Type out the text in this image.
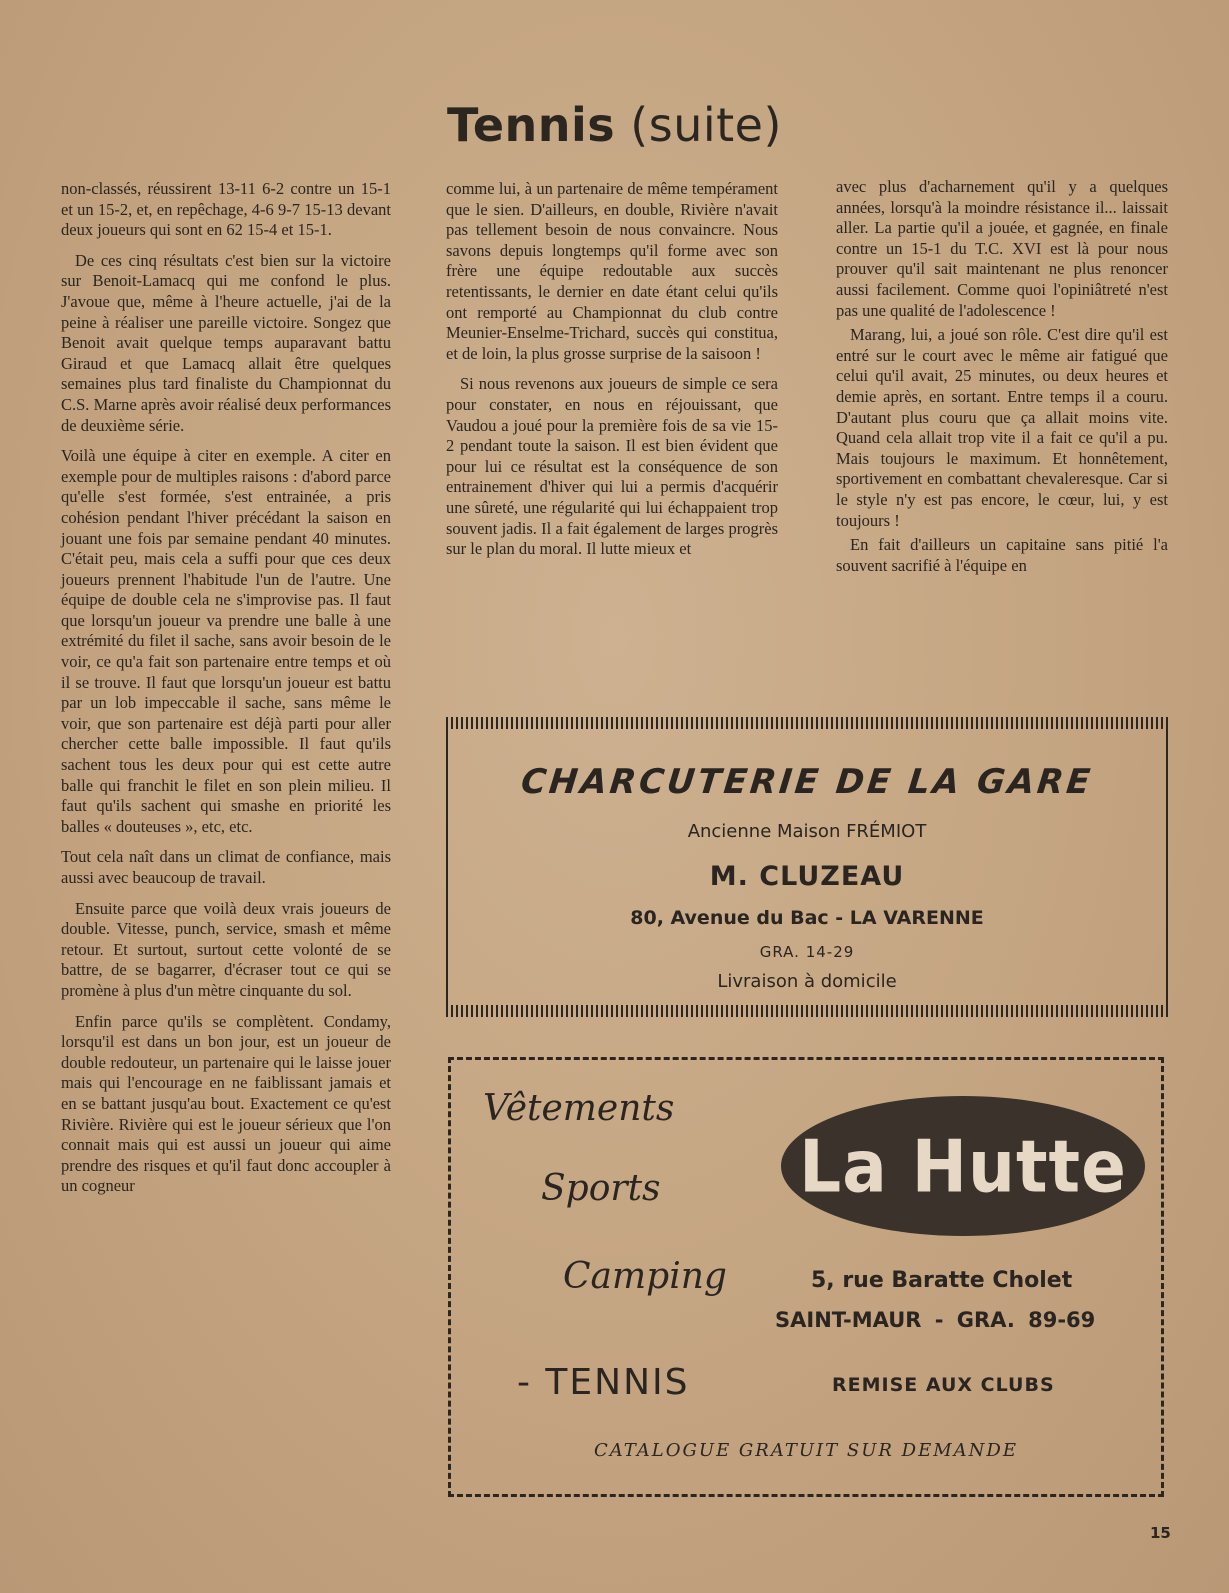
Tennis (suite)

non-classés, réussirent 13-11 6-2 contre un 15-1 et un 15-2, et, en repêchage, 4-6 9-7 15-13 devant deux joueurs qui sont en 62 15-4 et 15-1.

De ces cinq résultats c'est bien sur la victoire sur Benoit-Lamacq qui me confond le plus. J'avoue que, même à l'heure actuelle, j'ai de la peine à réaliser une pareille victoire. Songez que Benoit avait quelque temps auparavant battu Giraud et que Lamacq allait être quelques semaines plus tard finaliste du Championnat du C.S. Marne après avoir réalisé deux performances de deuxième série.

Voilà une équipe à citer en exemple. A citer en exemple pour de multiples raisons : d'abord parce qu'elle s'est formée, s'est entrainée, a pris cohésion pendant l'hiver précédant la saison en jouant une fois par semaine pendant 40 minutes. C'était peu, mais cela a suffi pour que ces deux joueurs prennent l'habitude l'un de l'autre. Une équipe de double cela ne s'improvise pas. Il faut que lorsqu'un joueur va prendre une balle à une extrémité du filet il sache, sans avoir besoin de le voir, ce qu'a fait son partenaire entre temps et où il se trouve. Il faut que lorsqu'un joueur est battu par un lob impeccable il sache, sans même le voir, que son partenaire est déjà parti pour aller chercher cette balle impossible. Il faut qu'ils sachent tous les deux pour qui est cette autre balle qui franchit le filet en son plein milieu. Il faut qu'ils sachent qui smashe en priorité les balles « douteuses », etc, etc.

Tout cela naît dans un climat de confiance, mais aussi avec beaucoup de travail.

Ensuite parce que voilà deux vrais joueurs de double. Vitesse, punch, service, smash et même retour. Et surtout, surtout cette volonté de se battre, de se bagarrer, d'écraser tout ce qui se promène à plus d'un mètre cinquante du sol.

Enfin parce qu'ils se complètent. Condamy, lorsqu'il est dans un bon jour, est un joueur de double redouteur, un partenaire qui le laisse jouer mais qui l'encourage en ne faiblissant jamais et en se battant jusqu'au bout. Exactement ce qu'est Rivière. Rivière qui est le joueur sérieux que l'on connait mais qui est aussi un joueur qui aime prendre des risques et qu'il faut donc accoupler à un cogneur

comme lui, à un partenaire de même tempérament que le sien. D'ailleurs, en double, Rivière n'avait pas tellement besoin de nous convaincre. Nous savons depuis longtemps qu'il forme avec son frère une équipe redoutable aux succès retentissants, le dernier en date étant celui qu'ils ont remporté au Championnat du club contre Meunier-Enselme-Trichard, succès qui constitua, et de loin, la plus grosse surprise de la saisoon !

Si nous revenons aux joueurs de simple ce sera pour constater, en nous en réjouissant, que Vaudou a joué pour la première fois de sa vie 15-2 pendant toute la saison. Il est bien évident que pour lui ce résultat est la conséquence de son entrainement d'hiver qui lui a permis d'acquérir une sûreté, une régularité qui lui échappaient trop souvent jadis. Il a fait également de larges progrès sur le plan du moral. Il lutte mieux et

avec plus d'acharnement qu'il y a quelques années, lorsqu'à la moindre résistance il... laissait aller. La partie qu'il a jouée, et gagnée, en finale contre un 15-1 du T.C. XVI est là pour nous prouver qu'il sait maintenant ne plus renoncer aussi facilement. Comme quoi l'opiniâtreté n'est pas une qualité de l'adolescence !

Marang, lui, a joué son rôle. C'est dire qu'il est entré sur le court avec le même air fatigué que celui qu'il avait, 25 minutes, ou deux heures et demie après, en sortant. Entre temps il a couru. D'autant plus couru que ça allait moins vite. Quand cela allait trop vite il a fait ce qu'il a pu. Mais toujours le maximum. Et honnêtement, sportivement en combattant chevaleresque. Car si le style n'y est pas encore, le cœur, lui, y est toujours !

En fait d'ailleurs un capitaine sans pitié l'a souvent sacrifié à l'équipe en

CHARCUTERIE DE LA GARE
Ancienne Maison FRÉMIOT
M. CLUZEAU
80, Avenue du Bac - LA VARENNE
GRA. 14-29
Livraison à domicile
Vêtements
Sports
Camping
- TENNIS
La Hutte
5, rue Baratte Cholet
SAINT-MAUR - GRA. 89-69
REMISE AUX CLUBS
CATALOGUE GRATUIT SUR DEMANDE
15
